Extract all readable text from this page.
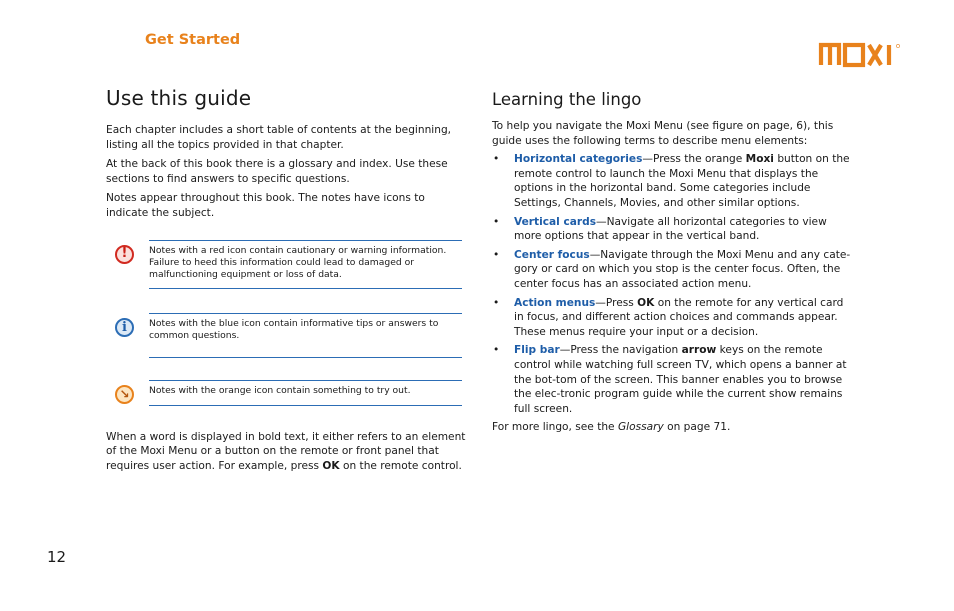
Get Started
Use this guide

Each chapter includes a short table of contents at the beginning, listing all the topics provided in that chapter.

At the back of this book there is a glossary and index. Use these sections to find answers to specific questions.

Notes appear throughout this book. The notes have icons to indicate the subject.

!	Notes with a red icon contain cautionary or warning information. Failure to heed this information could lead to damaged or malfunctioning equipment or loss of data.
i	Notes with the blue icon contain informative tips or answers to common questions.
↘	Notes with the orange icon contain something to try out.

When a word is displayed in bold text, it either refers to an element of the Moxi Menu or a button on the remote or front panel that requires user action. For example, press OK on the remote control.

Learning the lingo

To help you navigate the Moxi Menu (see figure on page, 6), this guide uses the following terms to describe menu elements:

• Horizontal categories—Press the orange Moxi button on the remote control to launch the Moxi Menu that displays the options in the horizontal band. Some categories include Settings, Channels, Movies, and other similar options.
• Vertical cards—Navigate all horizontal categories to view more options that appear in the vertical band.
• Center focus—Navigate through the Moxi Menu and any cate-gory or card on which you stop is the center focus. Often, the center focus has an associated action menu.
• Action menus—Press OK on the remote for any vertical card in focus, and different action choices and commands appear. These menus require your input or a decision.
• Flip bar—Press the navigation arrow keys on the remote control while watching full screen TV, which opens a banner at the bot-tom of the screen. This banner enables you to browse the elec-tronic program guide while the current show remains full screen.

For more lingo, see the Glossary on page 71.

12
